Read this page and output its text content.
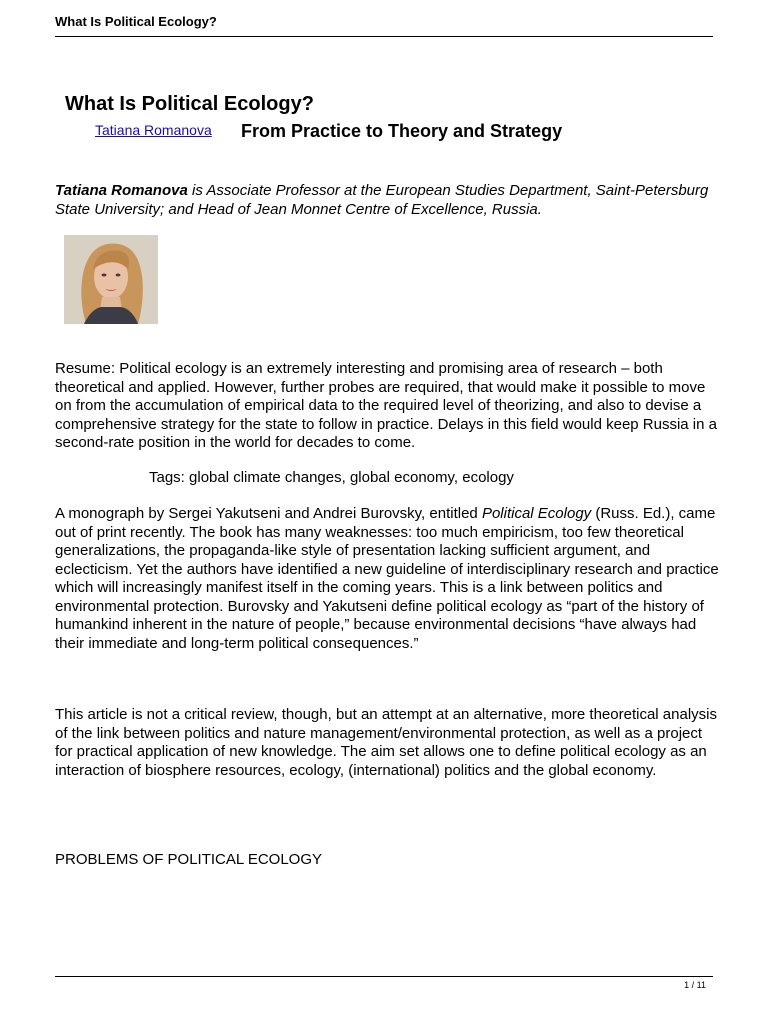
What Is Political Ecology?
What Is Political Ecology?
Tatiana Romanova From Practice to Theory and Strategy

Tatiana Romanova is Associate Professor at the European Studies Department, Saint-Petersburg State University; and Head of Jean Monnet Centre of Excellence, Russia.

Resume: Political ecology is an extremely interesting and promising area of research – both theoretical and applied. However, further probes are required, that would make it possible to move on from the accumulation of empirical data to the required level of theorizing, and also to devise a comprehensive strategy for the state to follow in practice. Delays in this field would keep Russia in a second-rate position in the world for decades to come.

Tags: global climate changes, global economy, ecology

A monograph by Sergei Yakutseni and Andrei Burovsky, entitled Political Ecology (Russ. Ed.), came out of print recently. The book has many weaknesses: too much empiricism, too few theoretical generalizations, the propaganda-like style of presentation lacking sufficient argument, and eclecticism. Yet the authors have identified a new guideline of interdisciplinary research and practice which will increasingly manifest itself in the coming years. This is a link between politics and environmental protection. Burovsky and Yakutseni define political ecology as “part of the history of humankind inherent in the nature of people,” because environmental decisions “have always had their immediate and long-term political consequences.”

This article is not a critical review, though, but an attempt at an alternative, more theoretical analysis of the link between politics and nature management/environmental protection, as well as a project for practical application of new knowledge. The aim set allows one to define political ecology as an interaction of biosphere resources, ecology, (international) politics and the global economy.

PROBLEMS OF POLITICAL ECOLOGY
1 / 11
